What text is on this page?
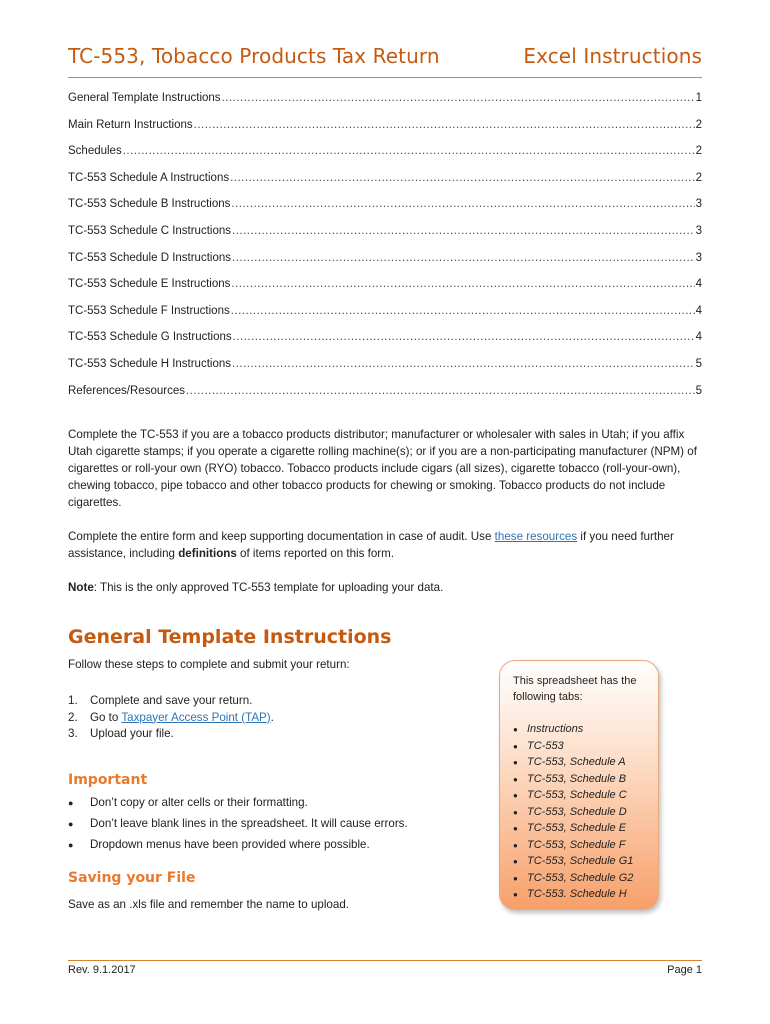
TC-553, Tobacco Products Tax Return	Excel Instructions
General Template Instructions .....	1
Main Return Instructions .....	2
Schedules .....	2
TC-553 Schedule A Instructions .....	2
TC-553 Schedule B Instructions .....	3
TC-553 Schedule C Instructions .....	3
TC-553 Schedule D Instructions .....	3
TC-553 Schedule E Instructions .....	4
TC-553 Schedule F Instructions .....	4
TC-553 Schedule G Instructions .....	4
TC-553 Schedule H Instructions .....	5
References/Resources .....	5
Complete the TC-553 if you are a tobacco products distributor; manufacturer or wholesaler with sales in Utah; if you affix Utah cigarette stamps; if you operate a cigarette rolling machine(s); or if you are a non-participating manufacturer (NPM) of cigarettes or roll-your own (RYO) tobacco. Tobacco products include cigars (all sizes), cigarette tobacco (roll-your-own), chewing tobacco, pipe tobacco and other tobacco products for chewing or smoking. Tobacco products do not include cigarettes.
Complete the entire form and keep supporting documentation in case of audit. Use these resources if you need further assistance, including definitions of items reported on this form.
Note: This is the only approved TC-553 template for uploading your data.
General Template Instructions
Follow these steps to complete and submit your return:
1.	Complete and save your return.
2.	Go to Taxpayer Access Point (TAP).
3.	Upload your file.
Important
●	Don’t copy or alter cells or their formatting.
●	Don’t leave blank lines in the spreadsheet. It will cause errors.
●	Dropdown menus have been provided where possible.
Saving your File
Save as an .xls file and remember the name to upload.
This spreadsheet has the following tabs:
● Instructions
● TC-553
● TC-553, Schedule A
● TC-553, Schedule B
● TC-553, Schedule C
● TC-553, Schedule D
● TC-553, Schedule E
● TC-553, Schedule F
● TC-553, Schedule G1
● TC-553, Schedule G2
● TC-553. Schedule H
Rev. 9.1.2017	Page 1
